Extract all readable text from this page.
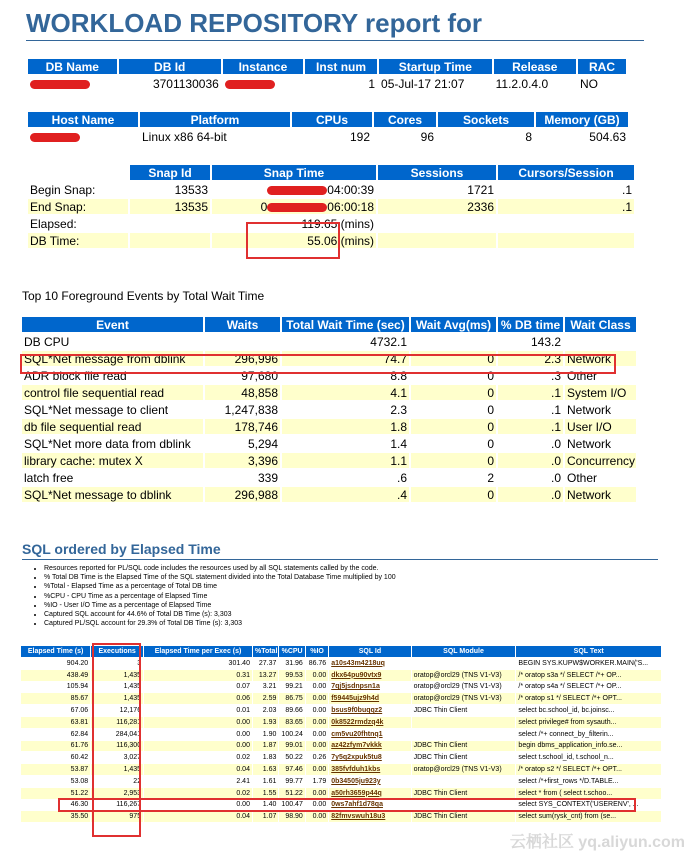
WORKLOAD REPOSITORY report for
DB Name	DB Id	Instance	Inst num	Startup Time	Release	RAC
	3701130036		1	05-Jul-17 21:07	11.2.0.4.0	NO
Host Name	Platform	CPUs	Cores	Sockets	Memory (GB)
	Linux x86 64-bit	192	96	8	504.63
	Snap Id	Snap Time	Sessions	Cursors/Session
Begin Snap:	13533	04:00:39	1721	.1
End Snap:	13535	0 06:00:18	2336	.1
Elapsed:		119.65 (mins)		
DB Time:		55.06 (mins)		
Top 10 Foreground Events by Total Wait Time
Event	Waits	Total Wait Time (sec)	Wait Avg(ms)	% DB time	Wait Class
DB CPU		4732.1		143.2	
SQL*Net message from dblink	296,996	74.7	0	2.3	Network
ADR block file read	97,680	8.8	0	.3	Other
control file sequential read	48,858	4.1	0	.1	System I/O
SQL*Net message to client	1,247,838	2.3	0	.1	Network
db file sequential read	178,746	1.8	0	.1	User I/O
SQL*Net more data from dblink	5,294	1.4	0	.0	Network
library cache: mutex X	3,396	1.1	0	.0	Concurrency
latch free	339	.6	2	.0	Other
SQL*Net message to dblink	296,988	.4	0	.0	Network
SQL ordered by Elapsed Time
• Resources reported for PL/SQL code includes the resources used by all SQL statements called by the code.
• % Total DB Time is the Elapsed Time of the SQL statement divided into the Total Database Time multiplied by 100
• %Total - Elapsed Time as a percentage of Total DB time
• %CPU - CPU Time as a percentage of Elapsed Time
• %IO - User I/O Time as a percentage of Elapsed Time
• Captured SQL account for 44.6% of Total DB Time (s): 3,303
• Captured PL/SQL account for 29.3% of Total DB Time (s): 3,303
Elapsed Time (s)	Executions	Elapsed Time per Exec (s)	%Total	%CPU	%IO	SQL Id	SQL Module	SQL Text
904.20	3	301.40	27.37	31.96	86.76	a10s43m4218uq		BEGIN SYS.KUPW$WORKER.MAIN('S...
438.49	1,435	0.31	13.27	99.53	0.00	dkx64pu90vtx9	oratop@orcl29 (TNS V1-V3)	/* oratop s3a */ SELECT /*+ OP...
105.94	1,435	0.07	3.21	99.21	0.00	7qj5jsdnpsn1a	oratop@orcl29 (TNS V1-V3)	/* oratop s4a */ SELECT /*+ OP...
85.67	1,435	0.06	2.59	86.75	0.00	f59445ujz9h4d	oratop@orcl29 (TNS V1-V3)	/* oratop s1 */ SELECT /*+ OPT...
67.06	12,176	0.01	2.03	89.66	0.00	bsus9f0buqqz2	JDBC Thin Client	select bc.school_id, bc.joinsc...
63.81	116,281	0.00	1.93	83.65	0.00	0k8522rmdzq4k		select privilege# from sysauth...
62.84	284,041	0.00	1.90	100.24	0.00	cm5vu20fhtnq1		select /*+ connect_by_filterin...
61.76	116,300	0.00	1.87	99.01	0.00	az42zfym7vkkk	JDBC Thin Client	begin dbms_application_info.se...
60.42	3,027	0.02	1.83	50.22	0.26	7y5q2xpuk5tu8	JDBC Thin Client	select t.school_id, t.school_n...
53.87	1,435	0.04	1.63	97.46	0.00	385fvfduh1kbs	oratop@orcl29 (TNS V1-V3)	/* oratop s2 */ SELECT /*+ OPT...
53.08	22	2.41	1.61	99.77	1.79	0b34505ju923y		select /*+first_rows */D.TABLE...
51.22	2,953	0.02	1.55	51.22	0.00	a50rh3659p44q	JDBC Thin Client	select * from ( select t.schoo...
46.30	116,267	0.00	1.40	100.47	0.00	0ws7ahf1d78qa		select SYS_CONTEXT('USERENV', ...
35.50	975	0.04	1.07	98.90	0.00	82fmvswuh18u3	JDBC Thin Client	select sum(rysk_cnt) from (se...
云栖社区 yq.aliyun.com
